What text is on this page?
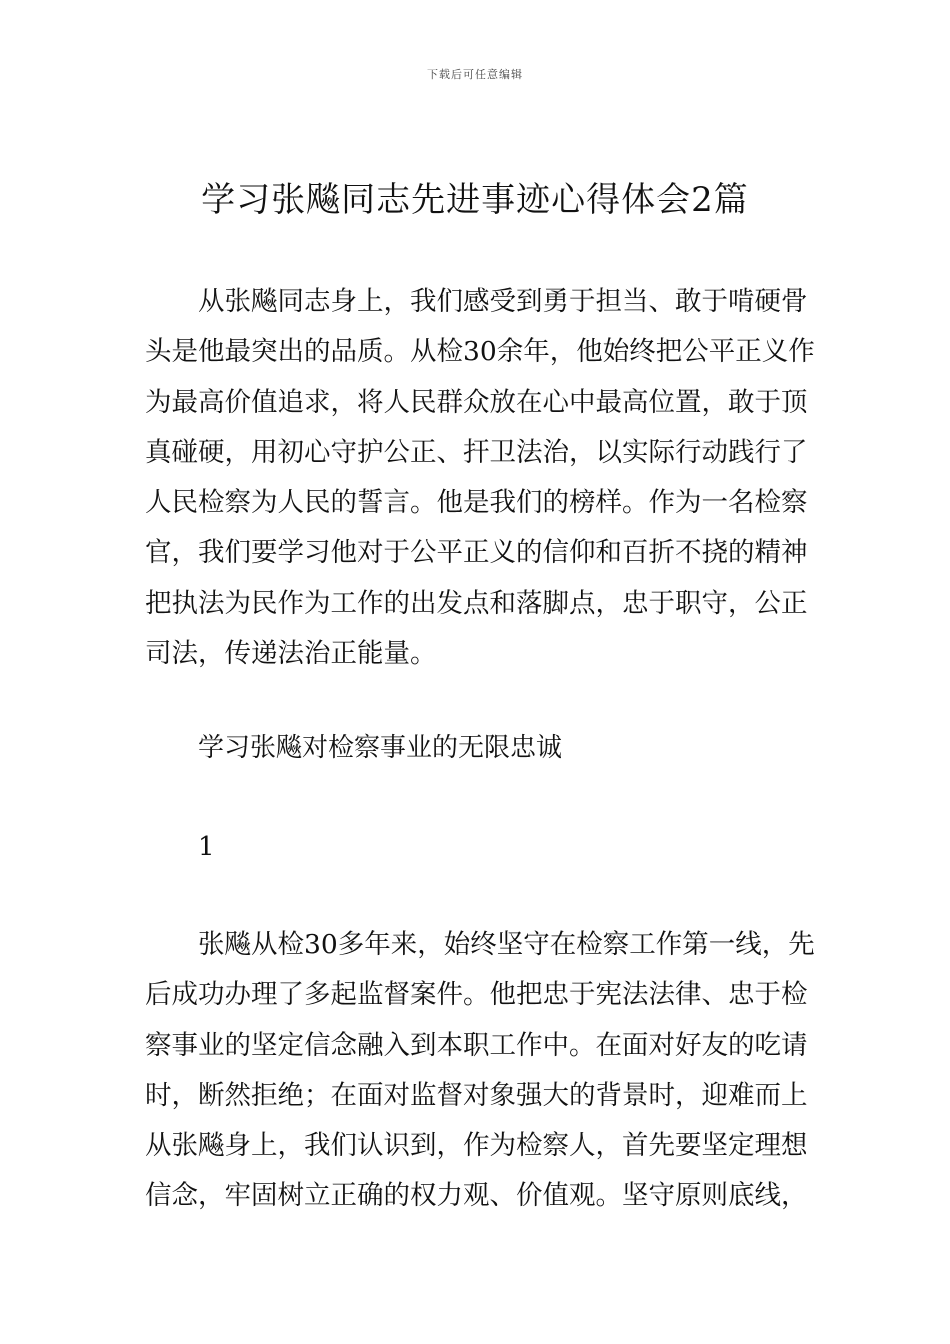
下载后可任意编辑
学习张飚同志先进事迹心得体会2篇
从张飚同志身上，我们感受到勇于担当、敢于啃硬骨
头是他最突出的品质。从检30余年，他始终把公平正义作
为最高价值追求，将人民群众放在心中最高位置，敢于顶
真碰硬，用初心守护公正、扞卫法治，以实际行动践行了
人民检察为人民的誓言。他是我们的榜样。作为一名检察
官，我们要学习他对于公平正义的信仰和百折不挠的精神
把执法为民作为工作的出发点和落脚点，忠于职守，公正
司法，传递法治正能量。

学习张飚对检察事业的无限忠诚

1

张飚从检30多年来，始终坚守在检察工作第一线，先
后成功办理了多起监督案件。他把忠于宪法法律、忠于检
察事业的坚定信念融入到本职工作中。在面对好友的吃请
时，断然拒绝；在面对监督对象强大的背景时，迎难而上
从张飚身上，我们认识到，作为检察人，首先要坚定理想
信念，牢固树立正确的权力观、价值观。坚守原则底线，
